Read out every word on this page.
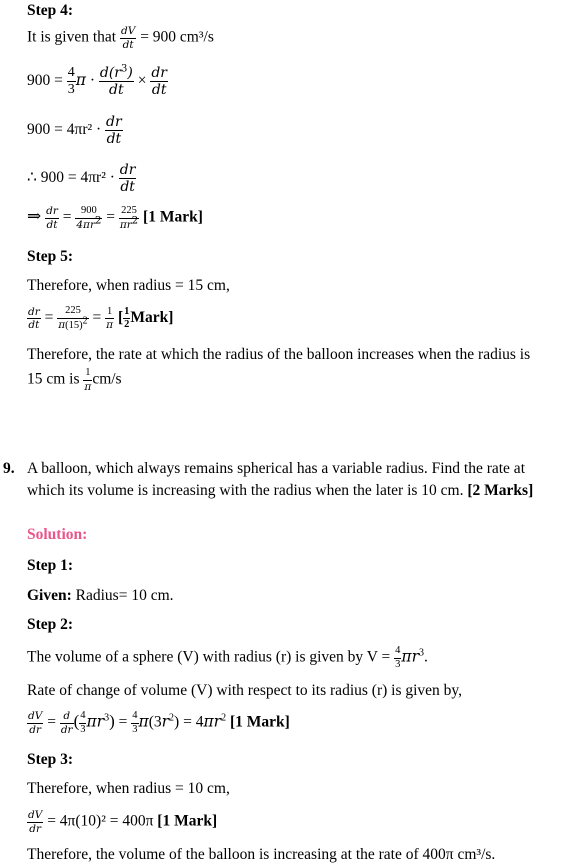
Step 4:
It is given that $\frac{dV}{dt} = 900$ cm³/s
$900 = \frac{4}{3}$ $\pi \cdot \frac{d(r^3)}{dt} \times \frac{dr}{dt}$
$900 = 4\pi r^2 \cdot \frac{dr}{dt}$
∴ $900 = 4\pi r^2 \cdot \frac{dr}{dt}$
⇒ $\frac{dr}{dt} = \frac{900}{4\pi r^2} = \frac{225}{\pi r^2} [1$ Mark]
Step 5:
Therefore, when radius = 15 cm,
$\frac{dr}{dt} = \frac{225}{\pi(15)^2} = \frac{1}{\pi}$ [ $\frac{1}{2}$ Mark]
Therefore, the rate at which the radius of the balloon increases when the radius is
15 cm is $\frac{1}{\pi} cm/s$
9. A balloon, which always remains spherical has a variable radius. Find the rate at
which its volume is increasing with the radius when the later is 10 cm. [2 Marks]
Solution:
Step 1:
Given: Radius= 10 cm.
Step 2:
The volume of a sphere (V) with radius (r) is given by $V = \frac{4}{3} \pi r^3$.
Rate of change of volume (V) with respect to its radius (r) is given by,
$\frac{dV}{dr} = \frac{d}{dr}$ ( $\frac{4}{3} \pi r^3) = \frac{4}{3} \pi(3r^2) = 4\pi r^2$ [1 Mark]
Step 3:
Therefore, when radius = 10 cm,
$\frac{dV}{dr} = 4\pi(10)^2 = 400\pi$ [1 Mark]
Therefore, the volume of the balloon is increasing at the rate of 400π cm³/s.
